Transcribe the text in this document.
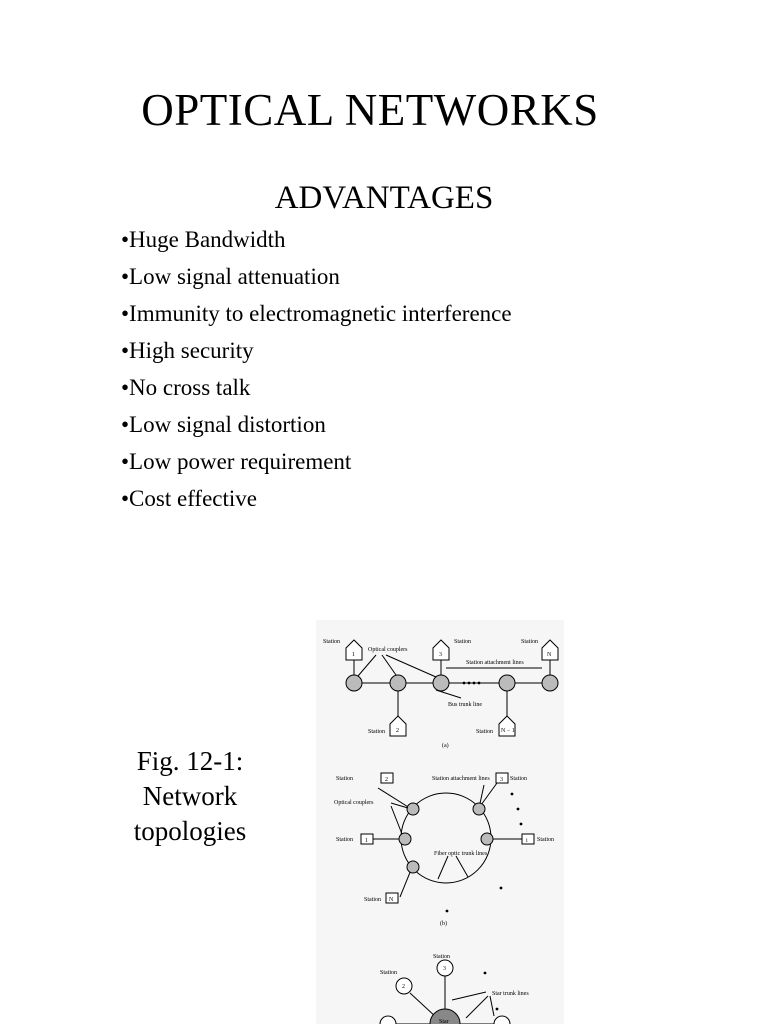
OPTICAL NETWORKS
ADVANTAGES
•Huge Bandwidth
•Low signal attenuation
•Immunity to electromagnetic interference
•High security
•No cross talk
•Low signal distortion
•Low power requirement
•Cost effective
Fig. 12-1:
Network
topologies
Station
1	3
Station	Station
N
Station 2	Station N − 1
Optical couplers
Station attachment lines
Bus trunk line
(a)
Station	2	3 Station
Station attachment lines
Optical couplers
Station 1	i Station
Fiber optic trunk lines
Station N
(b)
Station
3
Station
2
Star trunk lines
Star
